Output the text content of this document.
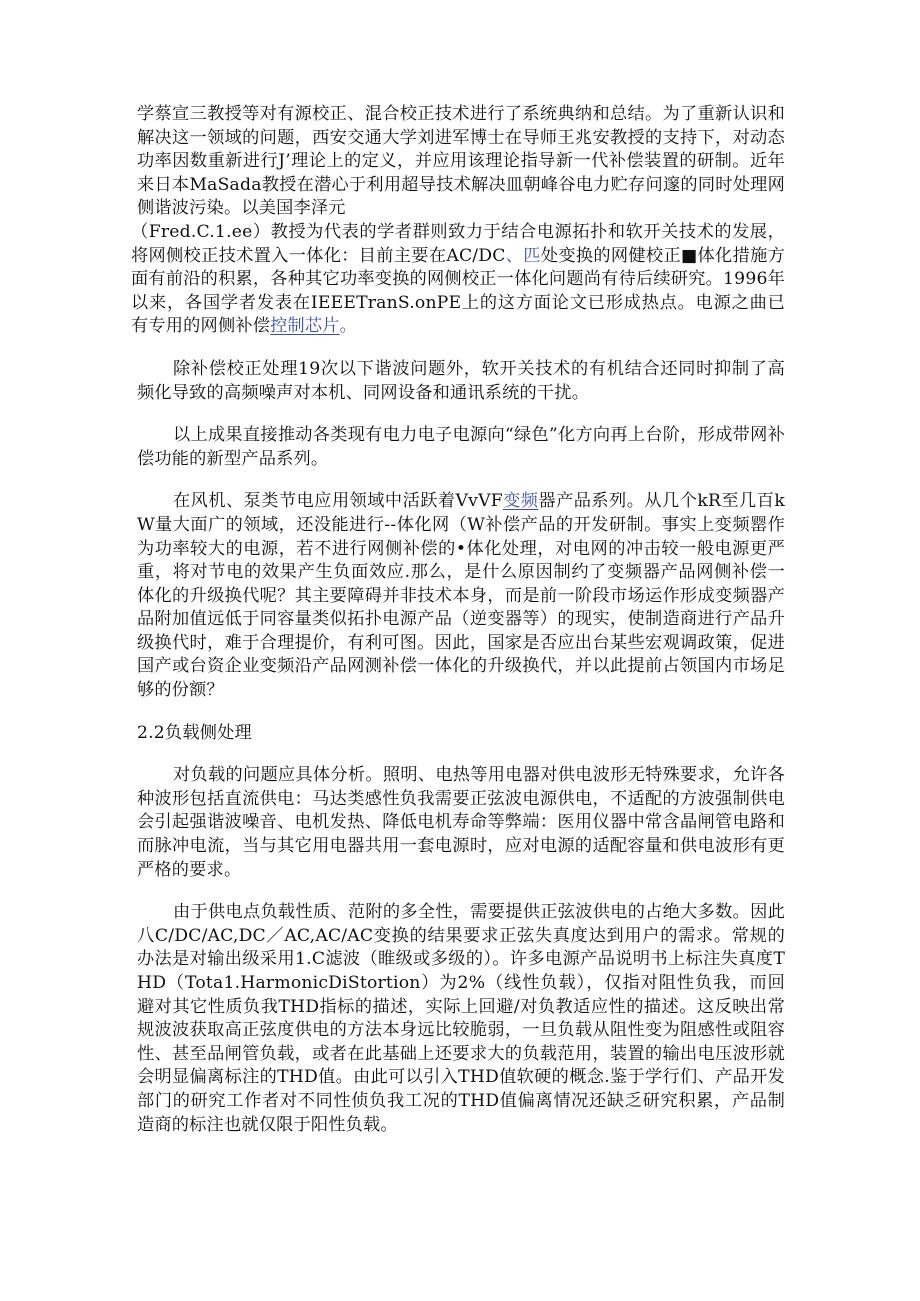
学蔡宣三教授等对有源校正、混合校正技术进行了系统典纳和总结。为了重新认识和解决这一领域的问题，西安交通大学刘进军博士在导师王兆安教授的支持下，对动态功率因数重新进行J’理论上的定义，并应用该理论指导新一代补偿装置的研制。近年来日本MaSada教授在潜心于利用超导技术解决皿朝峰谷电力贮存问邃的同时处理网侧谐波污染。以美国李泽元
（Fred.C.1.ee）教授为代表的学者群则致力于结合电源拓扑和软开关技术的发展，将网侧校正技术置入一体化：目前主要在AC/DC、匹处变换的网健校正■体化措施方面有前沿的积累，各种其它功率变换的网侧校正一体化问题尚有待后续研究。1996年以来，各国学者发表在IEEETranS.onPE上的这方面论文已形成热点。电源之曲已有专用的网侧补偿控制芯片。

除补偿校正处理19次以下谐波问题外，软开关技术的有机结合还同时抑制了高频化导致的高频噪声对本机、同网设备和通讯系统的干扰。

以上成果直接推动各类现有电力电子电源向“绿色”化方向再上台阶，形成带网补偿功能的新型产品系列。

在风机、泵类节电应用领域中活跃着VvVF变频器产品系列。从几个kR至几百kW量大面广的领域，还没能进行--体化网（W补偿产品的开发研制。事实上变频罂作为功率较大的电源，若不进行网侧补偿的•体化处理，对电网的冲击较一般电源更严重，将对节电的效果产生负面效应.那么，是什么原因制约了变频器产品网侧补偿一体化的升级换代呢？其主要障碍并非技术本身，而是前一阶段市场运作形成变频器产品附加值远低于同容量类似拓扑电源产品（逆变器等）的现实，使制造商进行产品升级换代时，难于合理提价，有利可图。因此，国家是否应出台某些宏观调政策，促进国产或台资企业变频沿产品网测补偿一体化的升级换代，并以此提前占领国内市场足够的份额？

2.2负载侧处理

对负载的问题应具体分析。照明、电热等用电器对供电波形无特殊要求，允许各种波形包括直流供电：马达类感性负我需要正弦波电源供电，不适配的方波强制供电会引起强谐波噪音、电机发热、降低电机寿命等弊端：医用仪器中常含晶闸管电路和而脉冲电流，当与其它用电器共用一套电源时，应对电源的适配容量和供电波形有更严格的要求。

由于供电点负载性质、范附的多全性，需要提供正弦波供电的占绝大多数。因此八C/DC/AC,DC／AC,AC/AC变换的结果要求正弦失真度达到用户的需求。常规的办法是对输出级采用1.C滤波（睢级或多级的）。许多电源产品说明书上标注失真度THD（Tota1.HarmonicDiStortion）为2%（线性负载），仅指对阻性负我，而回避对其它性质负我THD指标的描述，实际上回避/对负教适应性的描述。这反映出常规波波获取高正弦度供电的方法本身远比较脆弱，一旦负载从阻性变为阻感性或阻容性、甚至品闸管负载，或者在此基础上还要求大的负载范用，装置的输出电压波形就会明显偏离标注的THD值。由此可以引入THD值软硬的概念.鉴于学行们、产品开发部门的研究工作者对不同性侦负我工况的THD值偏离情况还缺乏研究积累，产品制造商的标注也就仅限于阳性负载。
